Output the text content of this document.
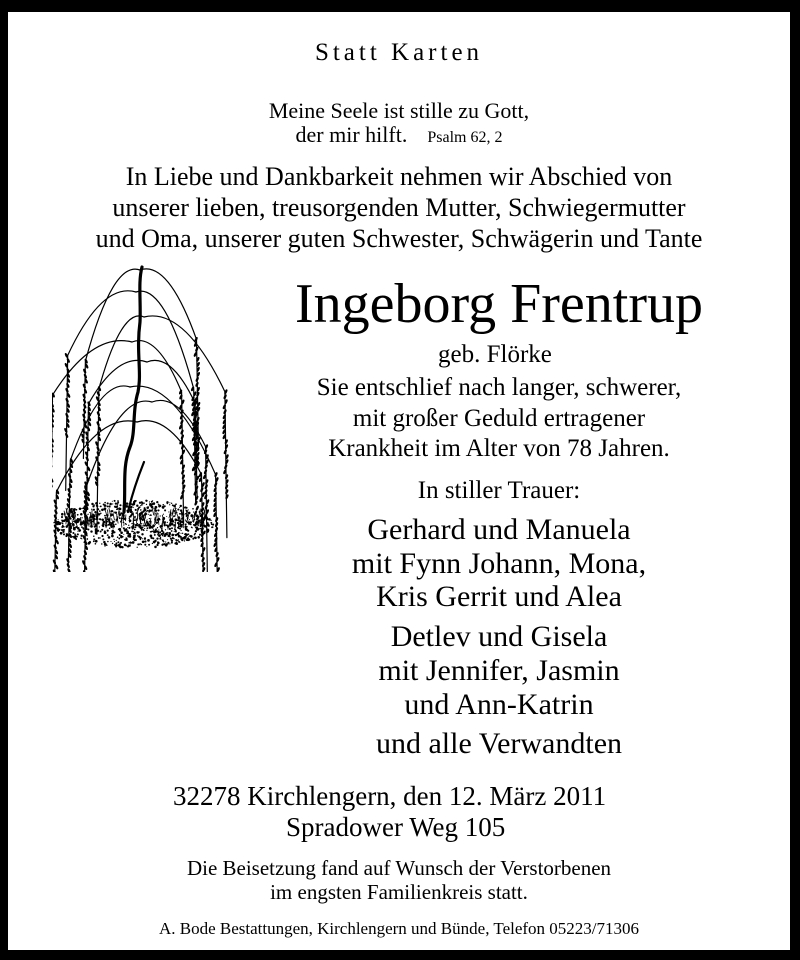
Statt Karten

Meine Seele ist stille zu Gott,

der mir hilft. Psalm 62, 2

In Liebe und Dankbarkeit nehmen wir Abschied von

unserer lieben, treusorgenden Mutter, Schwiegermutter

und Oma, unserer guten Schwester, Schwägerin und Tante

Ingeborg Frentrup

geb. Flörke

Sie entschlief nach langer, schwerer,

mit großer Geduld ertragener

Krankheit im Alter von 78 Jahren.

In stiller Trauer:

Gerhard und Manuela

mit Fynn Johann, Mona,

Kris Gerrit und Alea

Detlev und Gisela

mit Jennifer, Jasmin

und Ann-Katrin

und alle Verwandten

32278 Kirchlengern, den 12. März 2011

Spradower Weg 105

Die Beisetzung fand auf Wunsch der Verstorbenen

im engsten Familienkreis statt.

A. Bode Bestattungen, Kirchlengern und Bünde, Telefon 05223/71306
